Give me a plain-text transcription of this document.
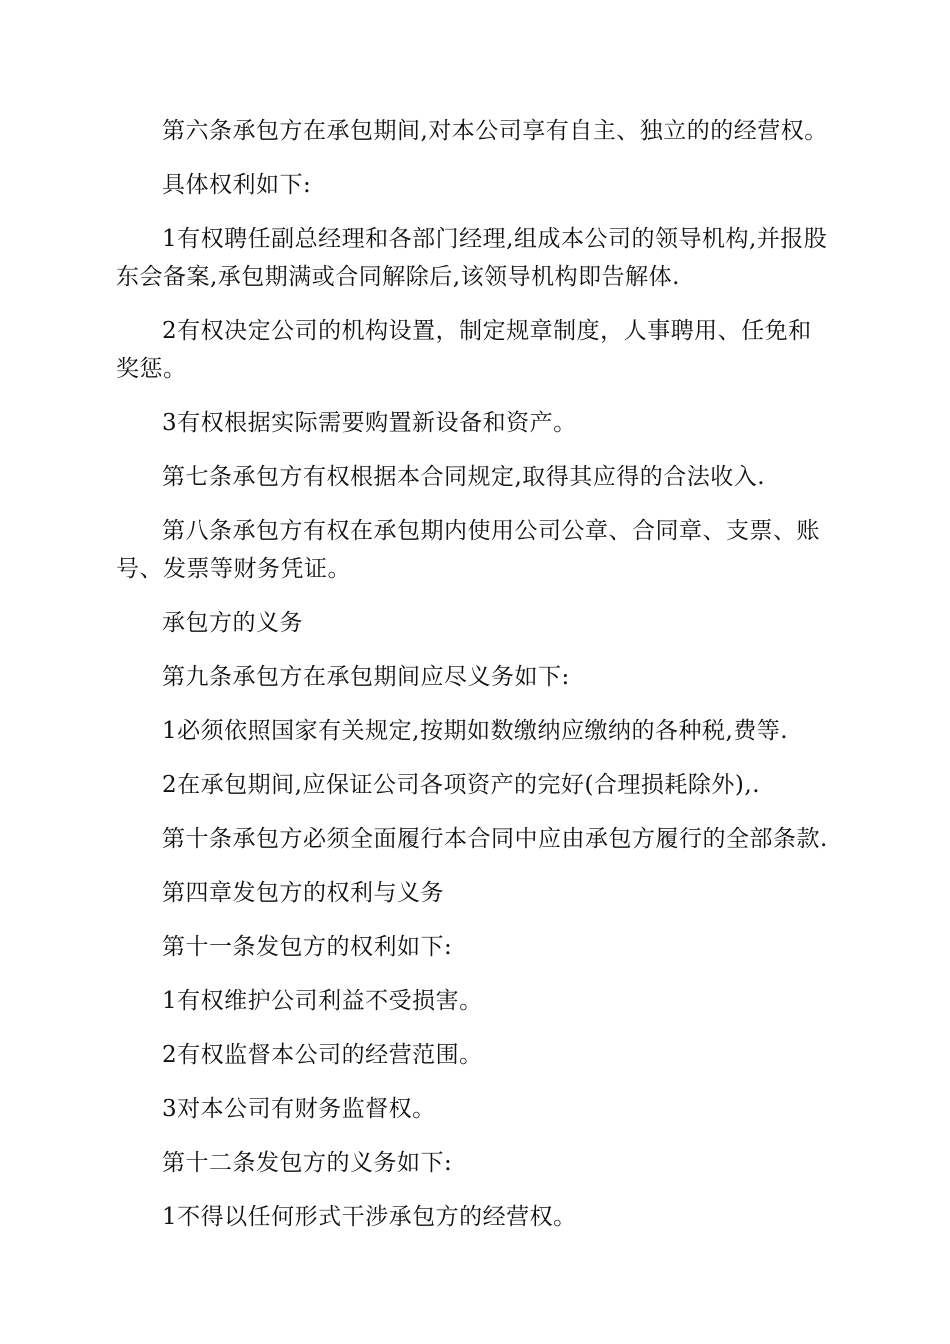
第六条承包方在承包期间,对本公司享有自主、独立的的经营权。

具体权利如下:

1有权聘任副总经理和各部门经理,组成本公司的领导机构,并报股东会备案,承包期满或合同解除后,该领导机构即告解体.

2有权决定公司的机构设置，制定规章制度，人事聘用、任免和奖惩。

3有权根据实际需要购置新设备和资产。

第七条承包方有权根据本合同规定,取得其应得的合法收入.

第八条承包方有权在承包期内使用公司公章、合同章、支票、账号、发票等财务凭证。

承包方的义务

第九条承包方在承包期间应尽义务如下:

1必须依照国家有关规定,按期如数缴纳应缴纳的各种税,费等.

2在承包期间,应保证公司各项资产的完好(合理损耗除外),.

第十条承包方必须全面履行本合同中应由承包方履行的全部条款.

第四章发包方的权利与义务

第十一条发包方的权利如下:

1有权维护公司利益不受损害。

2有权监督本公司的经营范围。

3对本公司有财务监督权。

第十二条发包方的义务如下:

1不得以任何形式干涉承包方的经营权。
